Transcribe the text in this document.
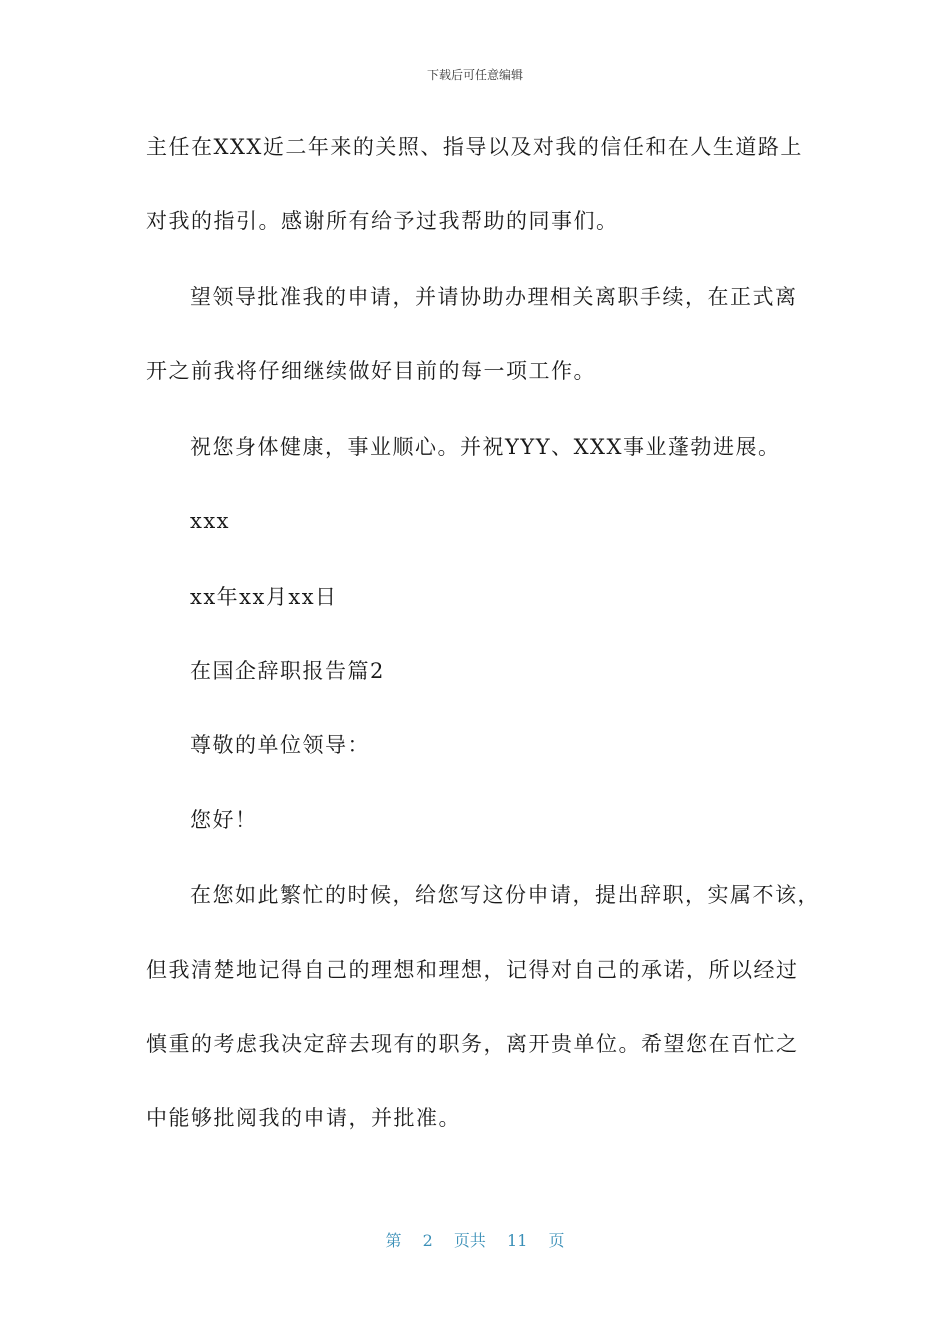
下载后可任意编辑
主任在XXX近二年来的关照、指导以及对我的信任和在人生道路上
对我的指引。感谢所有给予过我帮助的同事们。
望领导批准我的申请，并请协助办理相关离职手续，在正式离
开之前我将仔细继续做好目前的每一项工作。
祝您身体健康，事业顺心。并祝YYY、XXX事业蓬勃进展。
xxx
xx年xx月xx日
在国企辞职报告篇2
尊敬的单位领导：
您好！
在您如此繁忙的时候，给您写这份申请，提出辞职，实属不该，
但我清楚地记得自己的理想和理想，记得对自己的承诺，所以经过
慎重的考虑我决定辞去现有的职务，离开贵单位。希望您在百忙之
中能够批阅我的申请，并批准。
第 2 页共 11 页
